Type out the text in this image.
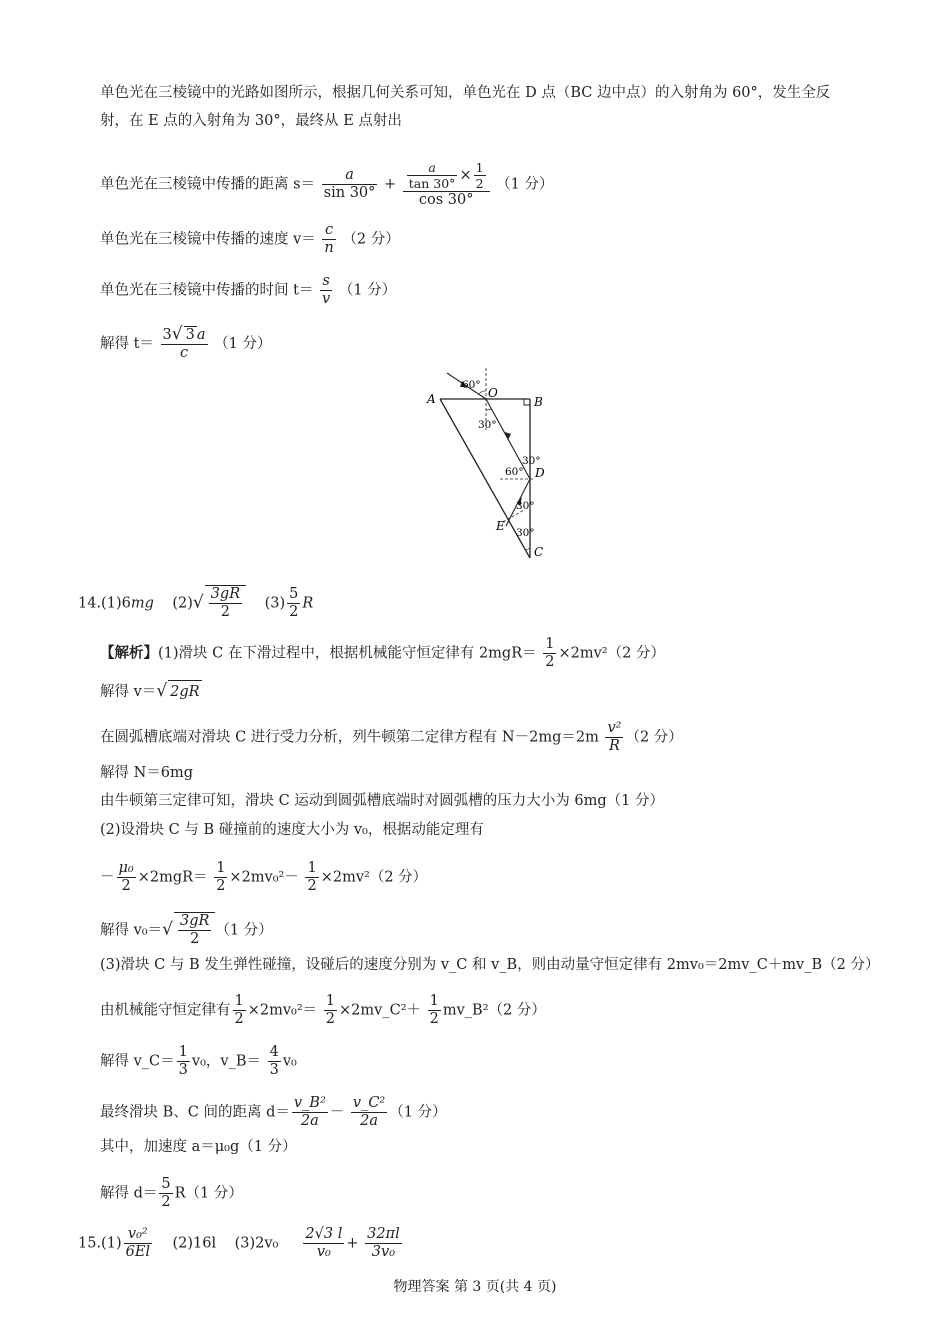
单色光在三棱镜中的光路如图所示，根据几何关系可知，单色光在 D 点（BC 边中点）的入射角为 60°，发生全反
射，在 E 点的入射角为 30°，最终从 E 点射出
单色光在三棱镜中传播的距离 $s= \frac{a}{\sin 30^\circ} + \frac{\frac{a}{\tan 30^\circ} \times \frac{1}{2}}{\cos 30^\circ} (1$ 分）
单色光在三棱镜中传播的速度 $v= \frac{c}{n} (2$ 分）
单色光在三棱镜中传播的时间 $t= \frac{s}{v} (1$ 分）
解得 $t= \frac{3√ 3 a}{c} (1$ 分）
A	B
C
D
E
O
60°
30°
60°
30°
30°
30°
14.(1)6mg $(2)√ \frac{3gR}{2} (3) \frac{5}{2}$ R
【解析】(1)滑块 C 在下滑过程中，根据机械能守恒定律有 $2mgR= \frac{1}{2} \times 2mv^2(2$ 分）
解得 v＝√ 2gR
在圆弧槽底端对滑块 C 进行受力分析，列牛顿第二定律方程有 $N-2mg=2m \frac{\text{v²}}{R} (2$ 分）
解得 N＝6mg
由牛顿第三定律可知，滑块 C 运动到圆弧槽底端时对圆弧槽的压力大小为 6mg（1 分）
(2)设滑块 C 与 B 碰撞前的速度大小为 v₀，根据动能定理有
－ $\frac{\text{μ₀}}{2} \times 2mgR= \frac{1}{2} \times 2mv_0^2- \frac{1}{2} \times 2mv^2(2$ 分）
解得 $v_0=√ \frac{3gR}{2} (1$ 分）
(3)滑块 C 与 B 发生弹性碰撞，设碰后的速度分别为 v_C 和 v_B，则由动量守恒定律有 2mv₀＝2mv_C＋mv_B（2 分）
由机械能守恒定律有 $\frac{1}{2} \times 2mv_0^2= \frac{1}{2}$ ×2mv_C²＋ $\frac{1}{2}$ mv_B²（2 分）
解得 v_C＝ $\frac{1}{3} v_0$，v_B＝ $\frac{4}{3} v_0$
最终滑块 B、C 间的距离 $d= \frac{\text{v\_B²}}{2a} - \frac{\text{v\_C²}}{2a} (1$ 分）
其中，加速度 a＝μ₀g（1 分）
解得 $d= \frac{5}{2} R(1$ 分）
$15.(1) \frac{\text{v₀²}}{6El} (2)16l$ $(3)2v_0 \frac{2√3 l}{\text{v₀}} + \frac{32\pi l}{\text{3v₀}}$
物理答案 第 3 页(共 4 页)
